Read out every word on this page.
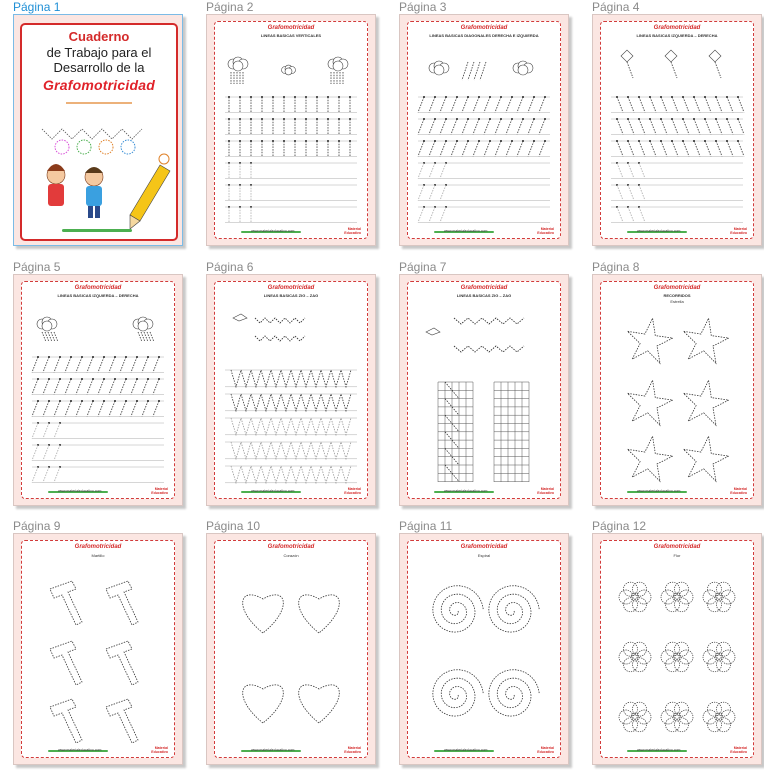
Página 1
Cuaderno
de Trabajo para el
Desarrollo de la
Grafomotricidad
Página 2
Grafomotricidad
LINEAS BASICAS VERTICALES
www.materialeducativo.com	Material Educativo
Página 3
Grafomotricidad
LINEAS BASICAS DIAGONALES DERECHA E IZQUIERDA
www.materialeducativo.com	Material Educativo
Página 4
Grafomotricidad
LINEAS BASICAS IZQUIERDA – DERECHA
www.materialeducativo.com	Material Educativo
Página 5
Grafomotricidad
LINEAS BASICAS IZQUIERDA – DERECHA
www.materialeducativo.com	Material Educativo
Página 6
Grafomotricidad
LINEAS BASICAS ZIG – ZAG
www.materialeducativo.com	Material Educativo
Página 7
Grafomotricidad
LINEAS BASICAS ZIG – ZAG
www.materialeducativo.com	Material Educativo
Página 8
Grafomotricidad
RECORRIDOS
Estrella
www.materialeducativo.com	Material Educativo
Página 9
Grafomotricidad
Martillo
www.materialeducativo.com	Material Educativo
Página 10
Grafomotricidad
Corazón
www.materialeducativo.com	Material Educativo
Página 11
Grafomotricidad
Espiral
www.materialeducativo.com	Material Educativo
Página 12
Grafomotricidad
Flor
www.materialeducativo.com	Material Educativo
